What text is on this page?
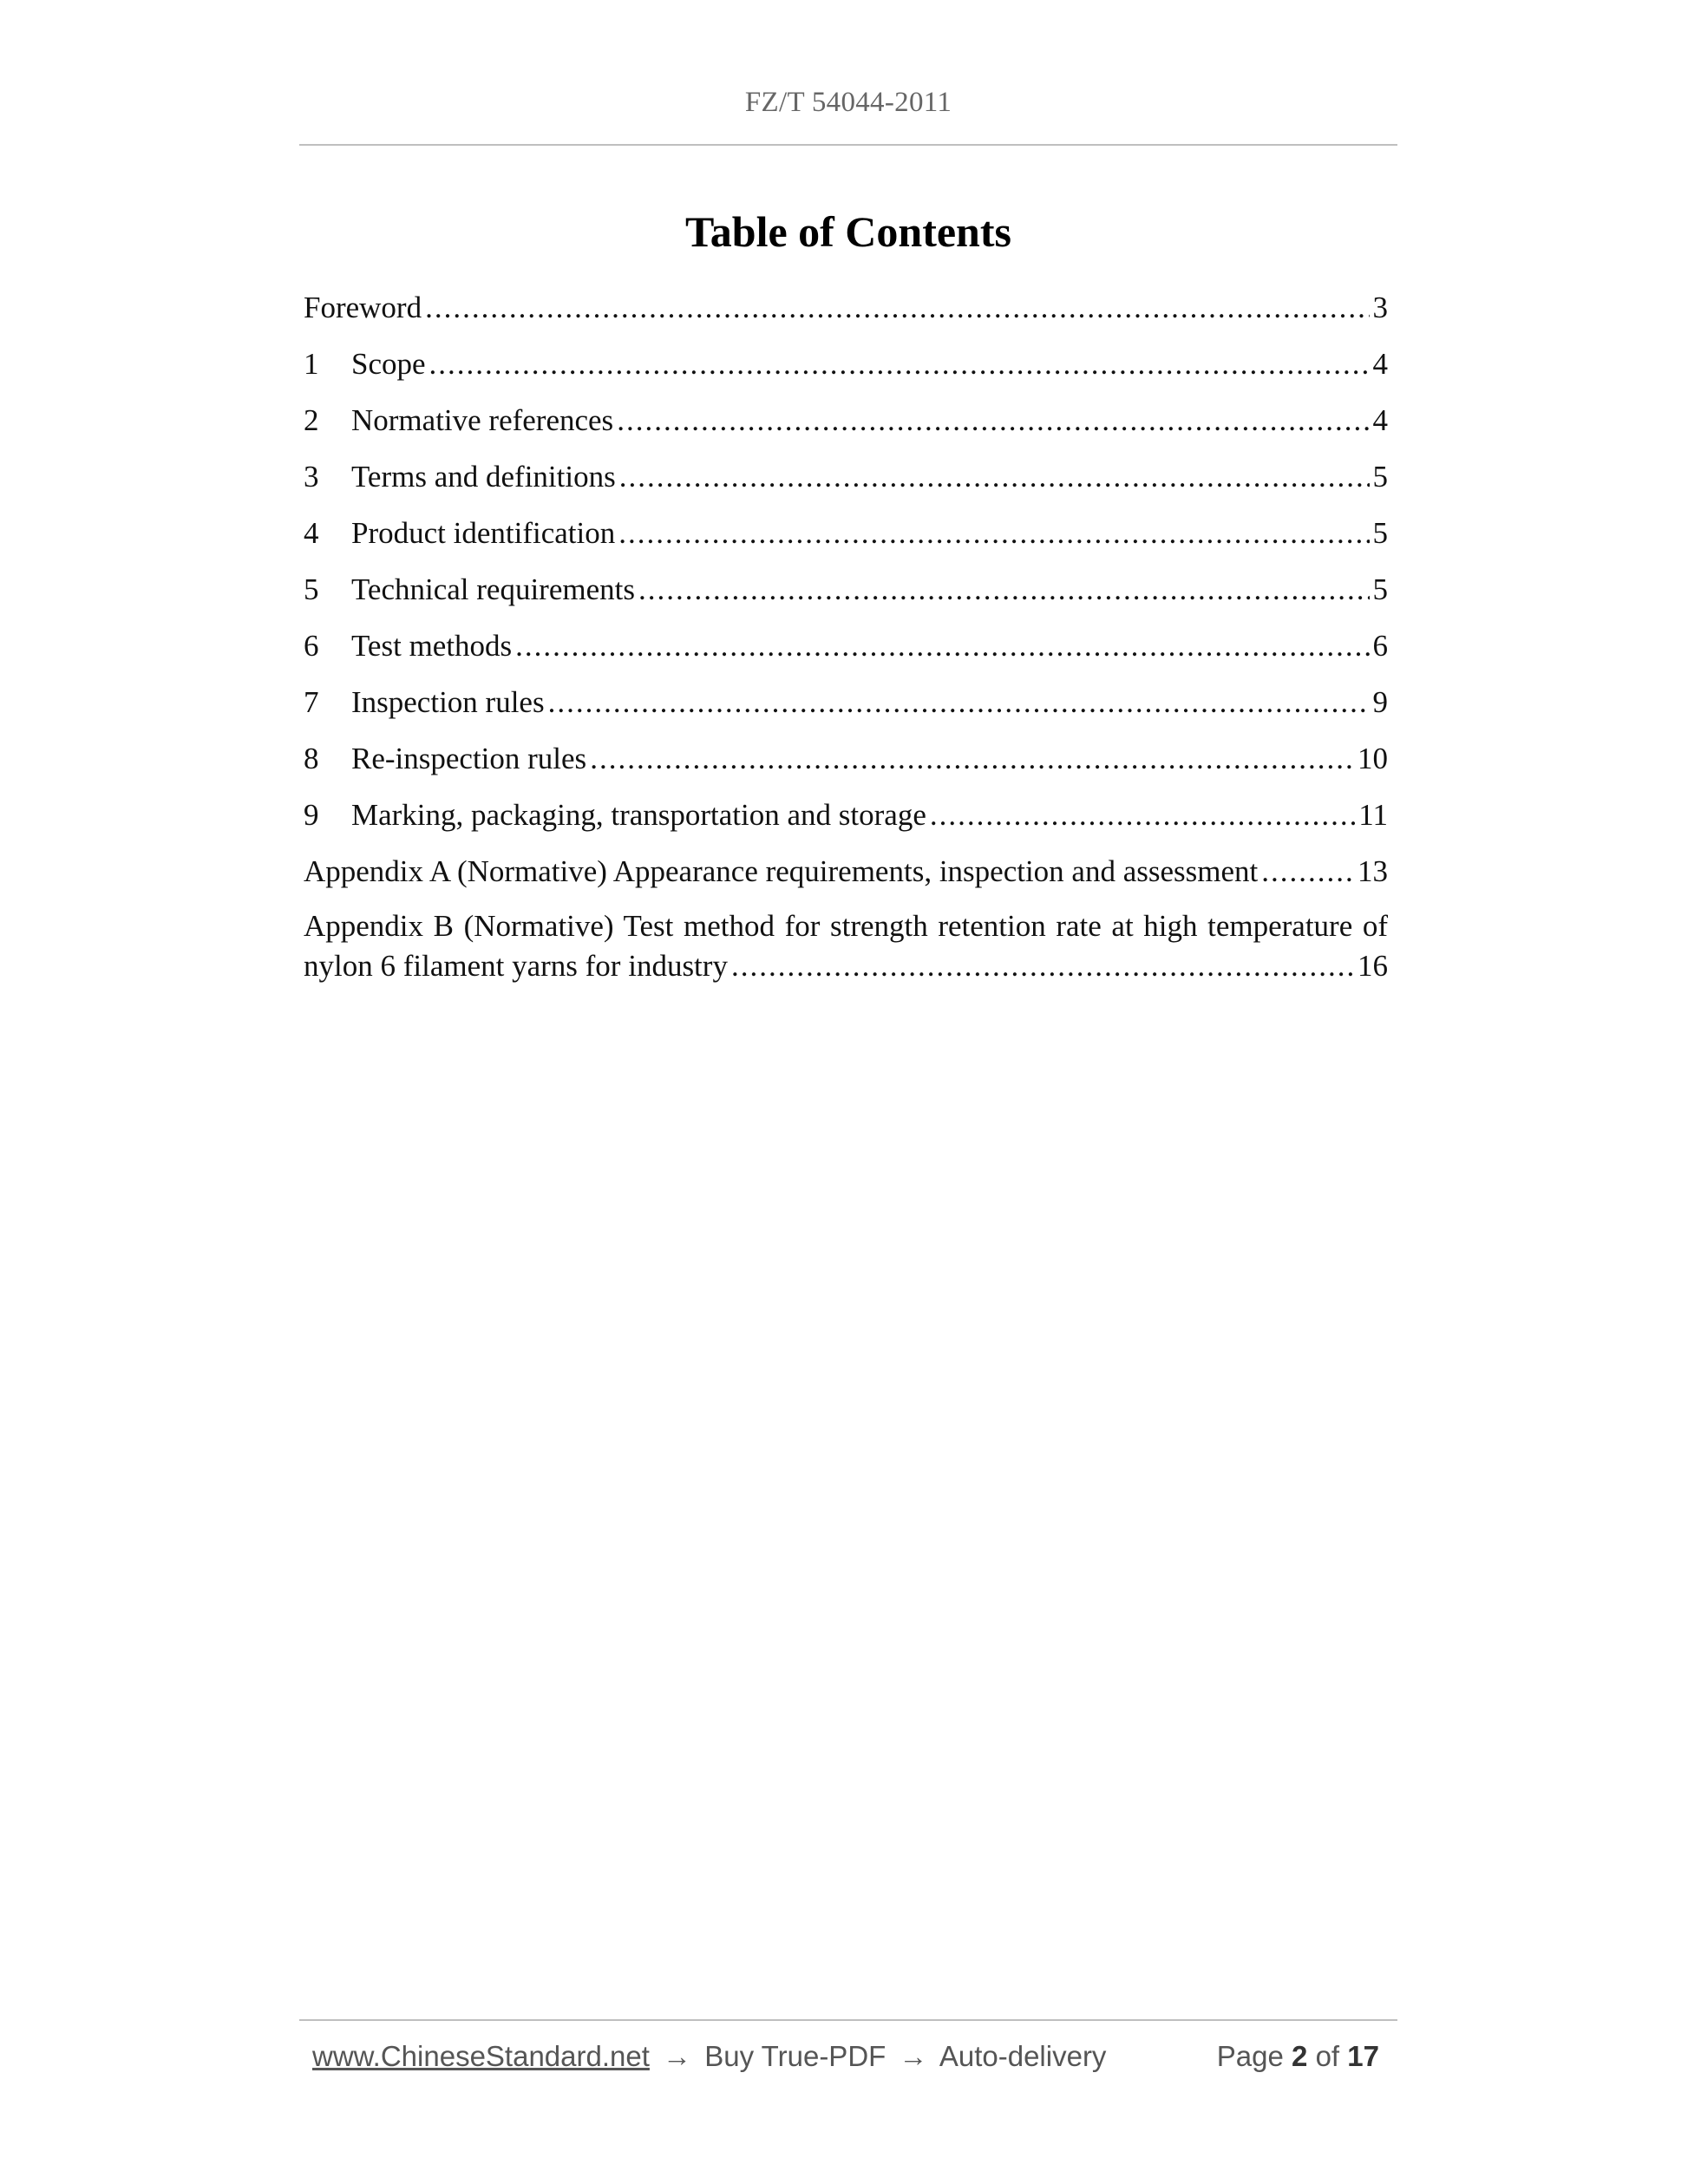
FZ/T 54044-2011
Table of Contents
Foreword .....	3
1	Scope .....	4
2	Normative references .....	4
3	Terms and definitions .....	5
4	Product identification .....	5
5	Technical requirements .....	5
6	Test methods .....	6
7	Inspection rules .....	9
8	Re-inspection rules .....	10
9	Marking, packaging, transportation and storage .....	11
Appendix A (Normative) Appearance requirements, inspection and assessment .....	13
Appendix B (Normative) Test method for strength retention rate at high temperature of
nylon 6 filament yarns for industry .....	16
www.ChineseStandard.net → Buy True-PDF → Auto-delivery	Page 2 of 17
